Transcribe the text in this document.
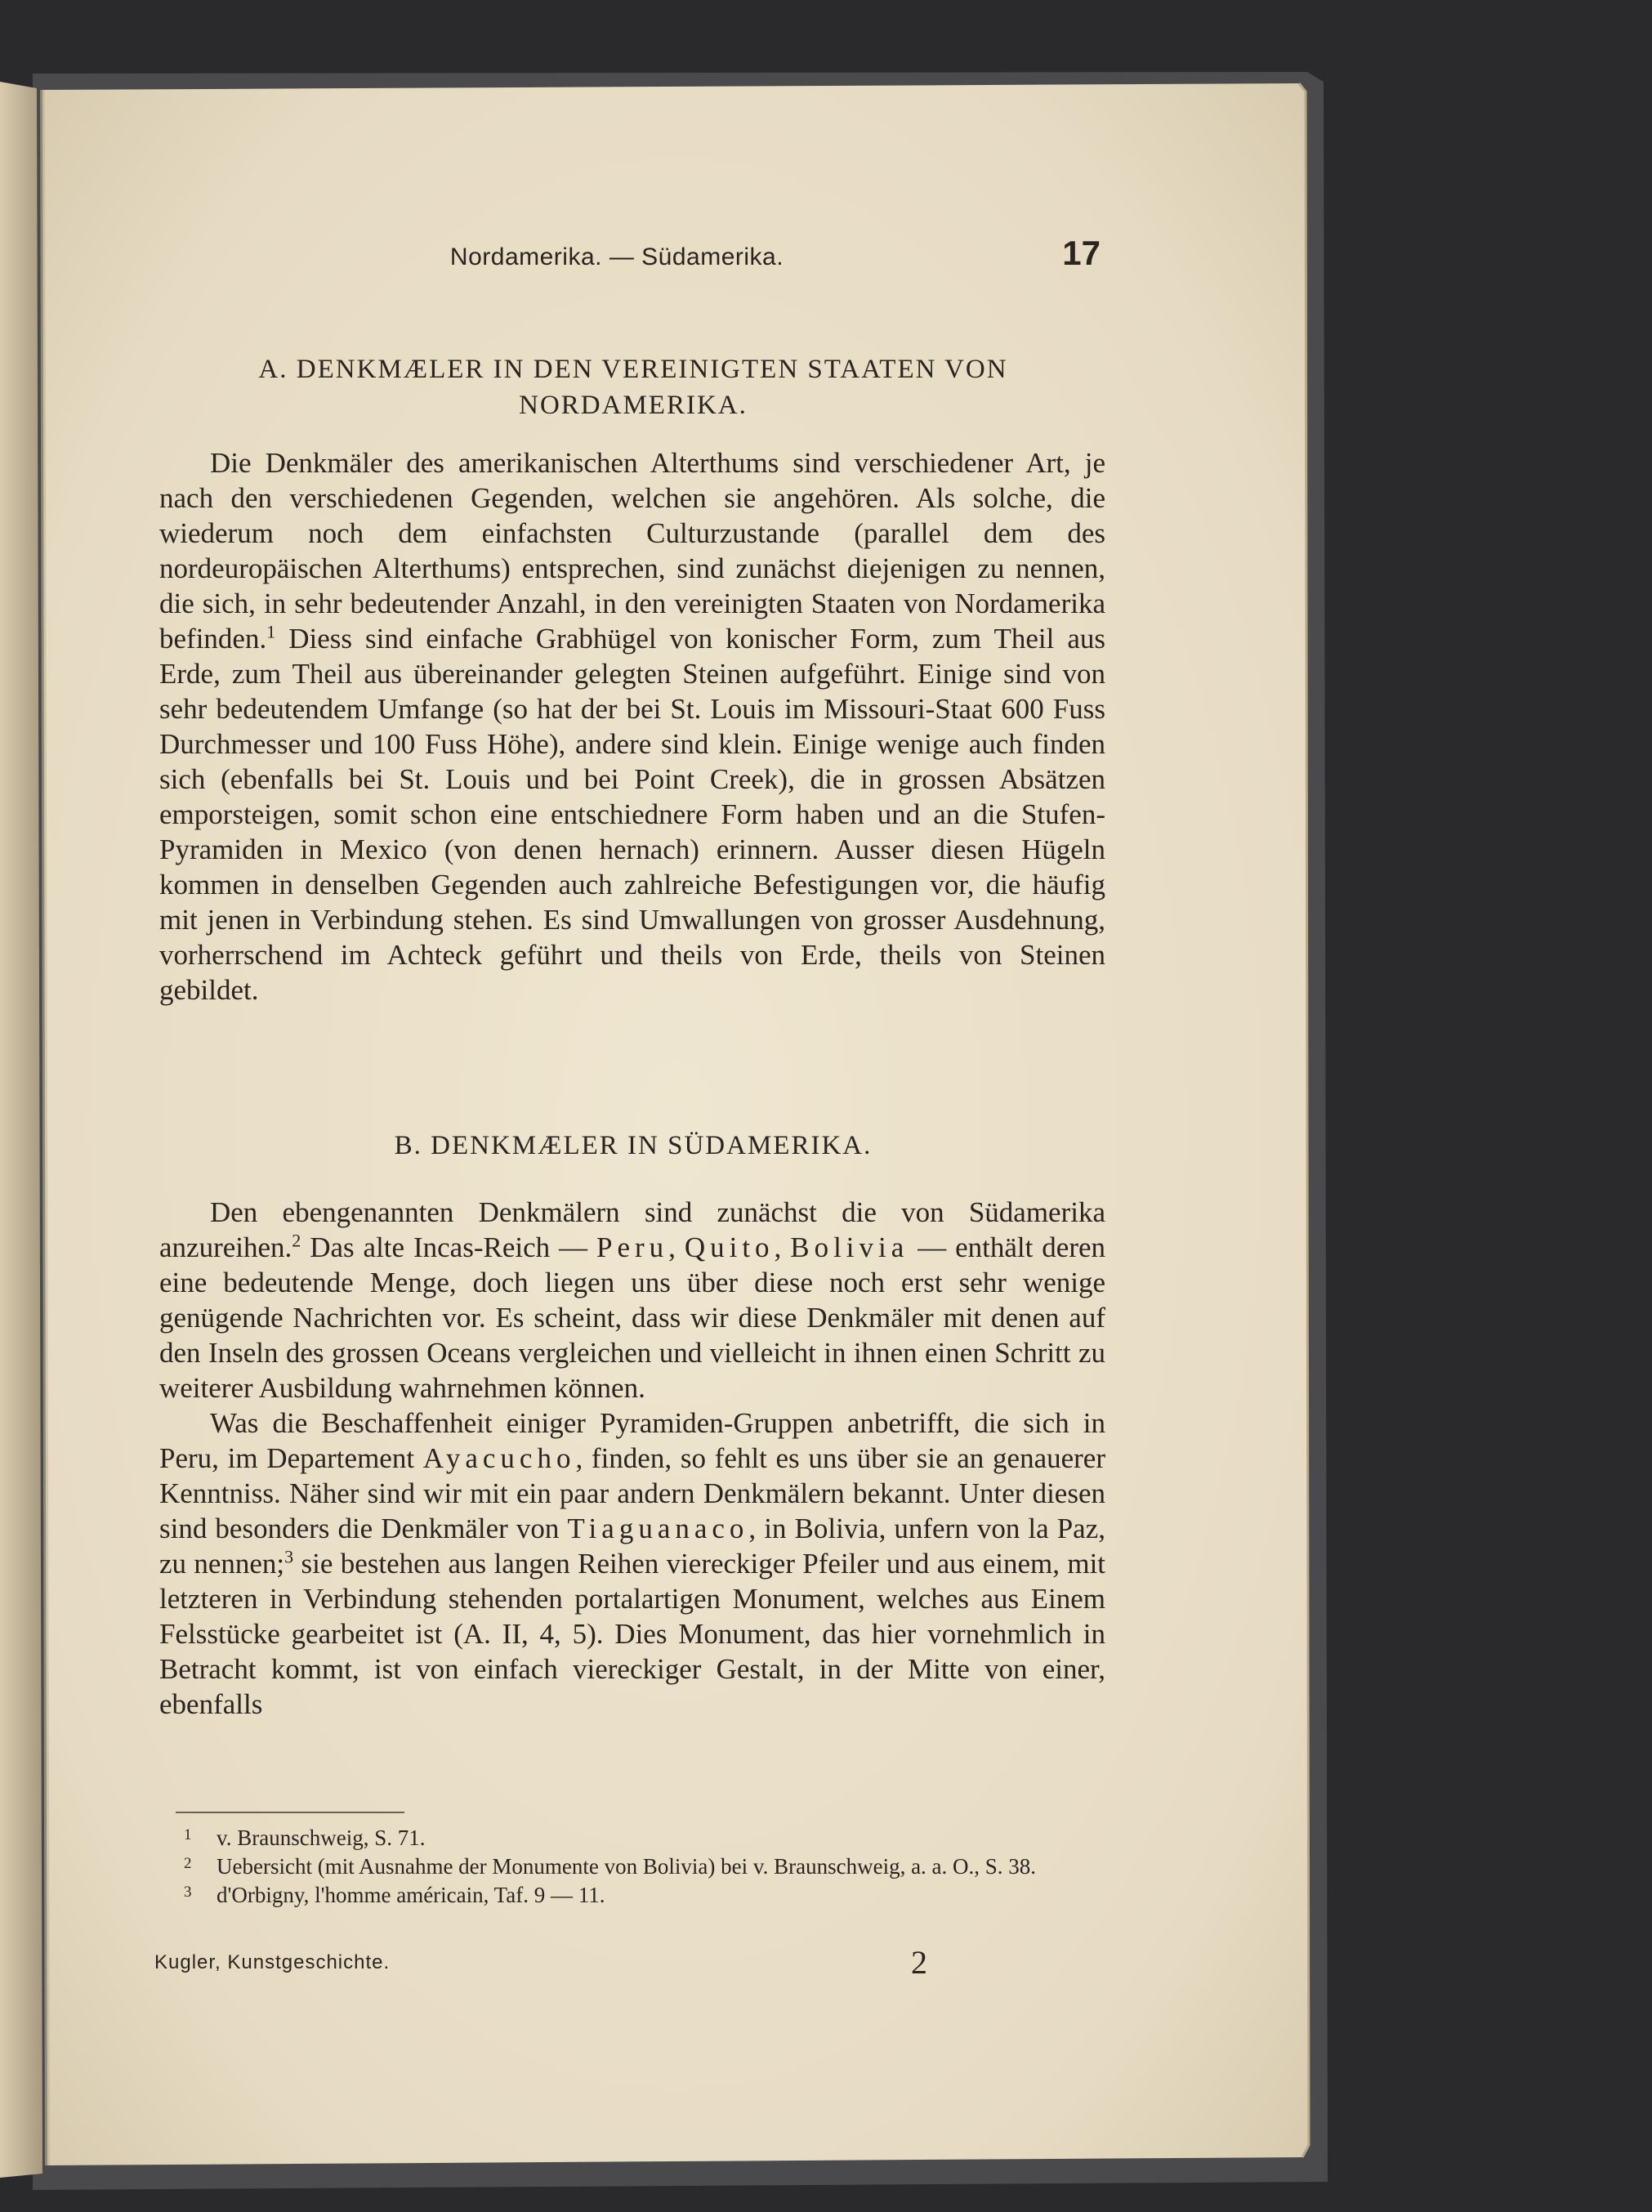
Nordamerika. — Südamerika.	17
A. DENKMÆLER IN DEN VEREINIGTEN STAATEN VON
NORDAMERIKA.

Die Denkmäler des amerikanischen Alterthums sind verschiedener Art, je nach den verschiedenen Gegenden, welchen sie angehören. Als solche, die wiederum noch dem einfachsten Culturzustande (parallel dem des nordeuropäischen Alterthums) entsprechen, sind zunächst diejenigen zu nennen, die sich, in sehr bedeutender Anzahl, in den vereinigten Staaten von Nordamerika befinden.$^1$ Diess sind einfache Grabhügel von konischer Form, zum Theil aus Erde, zum Theil aus übereinander gelegten Steinen aufgeführt. Einige sind von sehr bedeutendem Umfange (so hat der bei St. Louis im Missouri-Staat 600 Fuss Durchmesser und 100 Fuss Höhe), andere sind klein. Einige wenige auch finden sich (ebenfalls bei St. Louis und bei Point Creek), die in grossen Absätzen emporsteigen, somit schon eine entschiednere Form haben und an die Stufen-Pyramiden in Mexico (von denen hernach) erinnern. Ausser diesen Hügeln kommen in denselben Gegenden auch zahlreiche Befestigungen vor, die häufig mit jenen in Verbindung stehen. Es sind Umwallungen von grosser Ausdehnung, vorherrschend im Achteck geführt und theils von Erde, theils von Steinen gebildet.

B. DENKMÆLER IN SÜDAMERIKA.

Den ebengenannten Denkmälern sind zunächst die von Südamerika anzureihen.$^2$ Das alte Incas-Reich — Peru, Quito, Bolivia — enthält deren eine bedeutende Menge, doch liegen uns über diese noch erst sehr wenige genügende Nachrichten vor. Es scheint, dass wir diese Denkmäler mit denen auf den Inseln des grossen Oceans vergleichen und vielleicht in ihnen einen Schritt zu weiterer Ausbildung wahrnehmen können.

Was die Beschaffenheit einiger Pyramiden-Gruppen anbetrifft, die sich in Peru, im Departement Ayacucho, finden, so fehlt es uns über sie an genauerer Kenntniss. Näher sind wir mit ein paar andern Denkmälern bekannt. Unter diesen sind besonders die Denkmäler von Tiaguanaco, in Bolivia, unfern von la Paz, zu nennen;$^3$ sie bestehen aus langen Reihen viereckiger Pfeiler und aus einem, mit letzteren in Verbindung stehenden portalartigen Monument, welches aus Einem Felsstücke gearbeitet ist (A. II, 4, 5). Dies Monument, das hier vornehmlich in Betracht kommt, ist von einfach viereckiger Gestalt, in der Mitte von einer, ebenfalls

1 v. Braunschweig, S. 71.
2 Uebersicht (mit Ausnahme der Monumente von Bolivia) bei v. Braunschweig, a. a. O., S. 38.
3 d'Orbigny, l'homme américain, Taf. 9 — 11.
Kugler, Kunstgeschichte.	2
